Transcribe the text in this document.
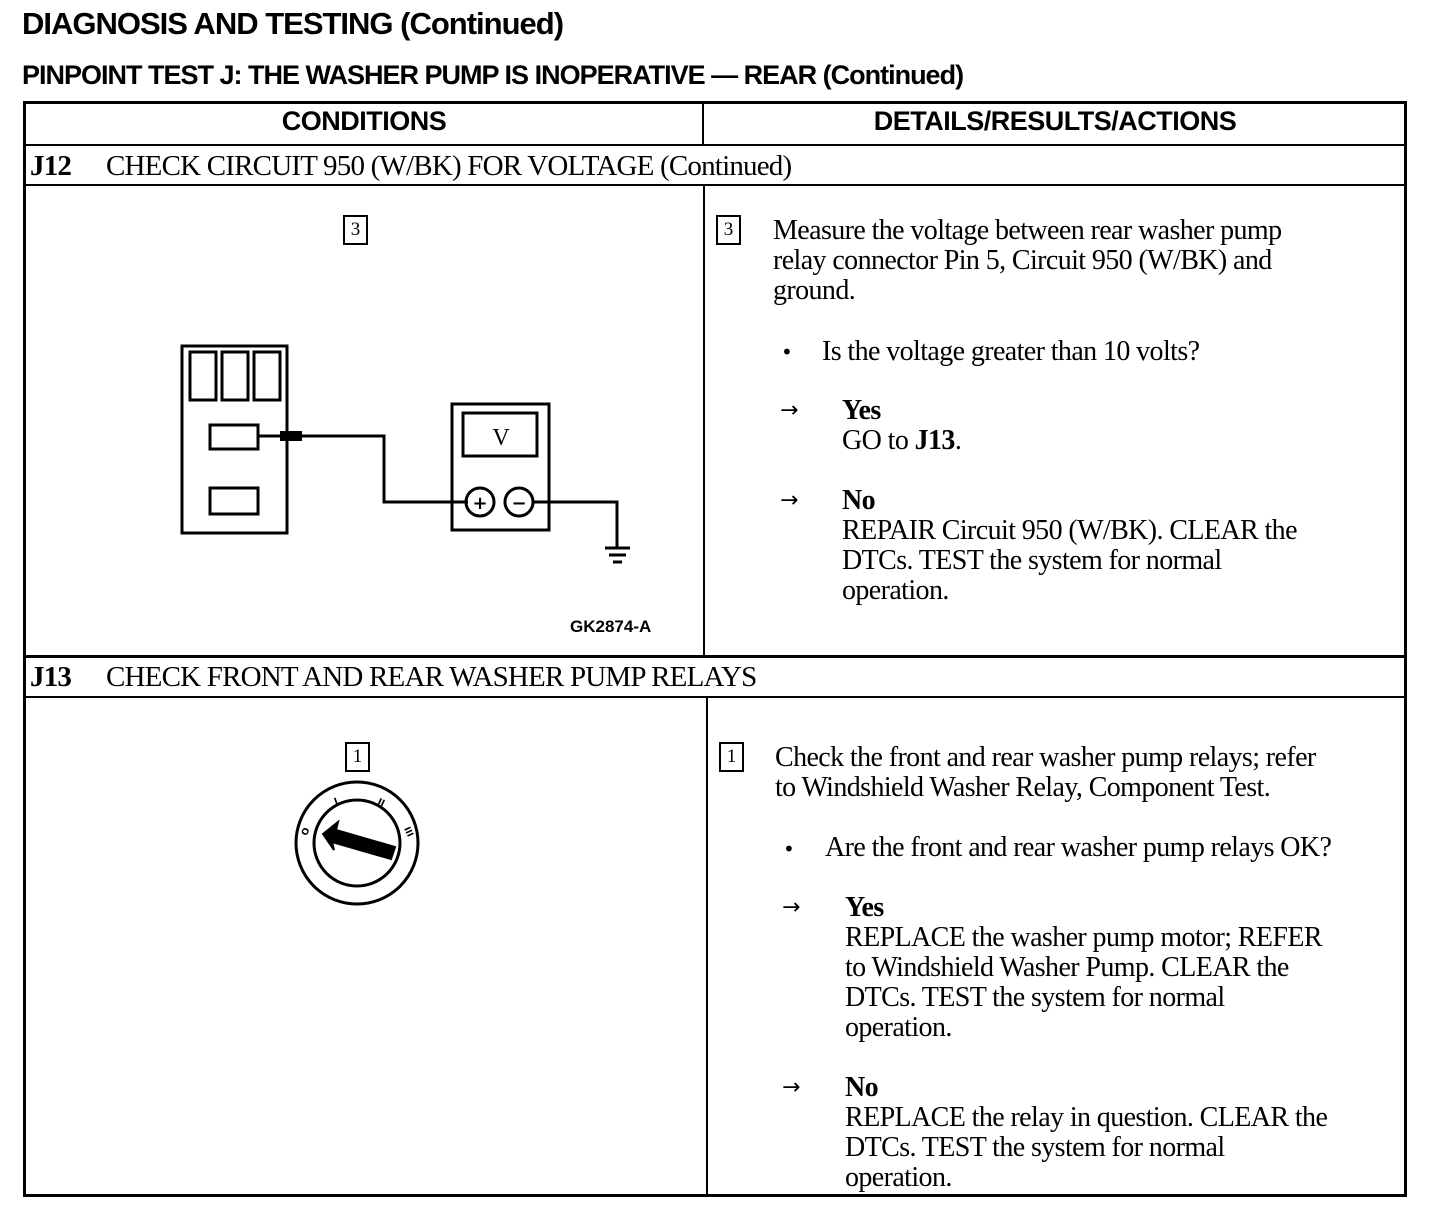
DIAGNOSIS AND TESTING (Continued)
PINPOINT TEST J: THE WASHER PUMP IS INOPERATIVE — REAR (Continued)
CONDITIONS	DETAILS/RESULTS/ACTIONS
J12 CHECK CIRCUIT 950 (W/BK) FOR VOLTAGE (Continued)
3
V
+ −
GK2874-A
3 Measure the voltage between rear washer pump
relay connector Pin 5, Circuit 950 (W/BK) and
ground.
• Is the voltage greater than 10 volts?
→ Yes
GO to J13.
→ No
REPAIR Circuit 950 (W/BK). CLEAR the
DTCs. TEST the system for normal
operation.
J13 CHECK FRONT AND REAR WASHER PUMP RELAYS
1
O
I	II
III
1 Check the front and rear washer pump relays; refer
to Windshield Washer Relay, Component Test.
• Are the front and rear washer pump relays OK?
→ Yes
REPLACE the washer pump motor; REFER
to Windshield Washer Pump. CLEAR the
DTCs. TEST the system for normal
operation.
→ No
REPLACE the relay in question. CLEAR the
DTCs. TEST the system for normal
operation.
